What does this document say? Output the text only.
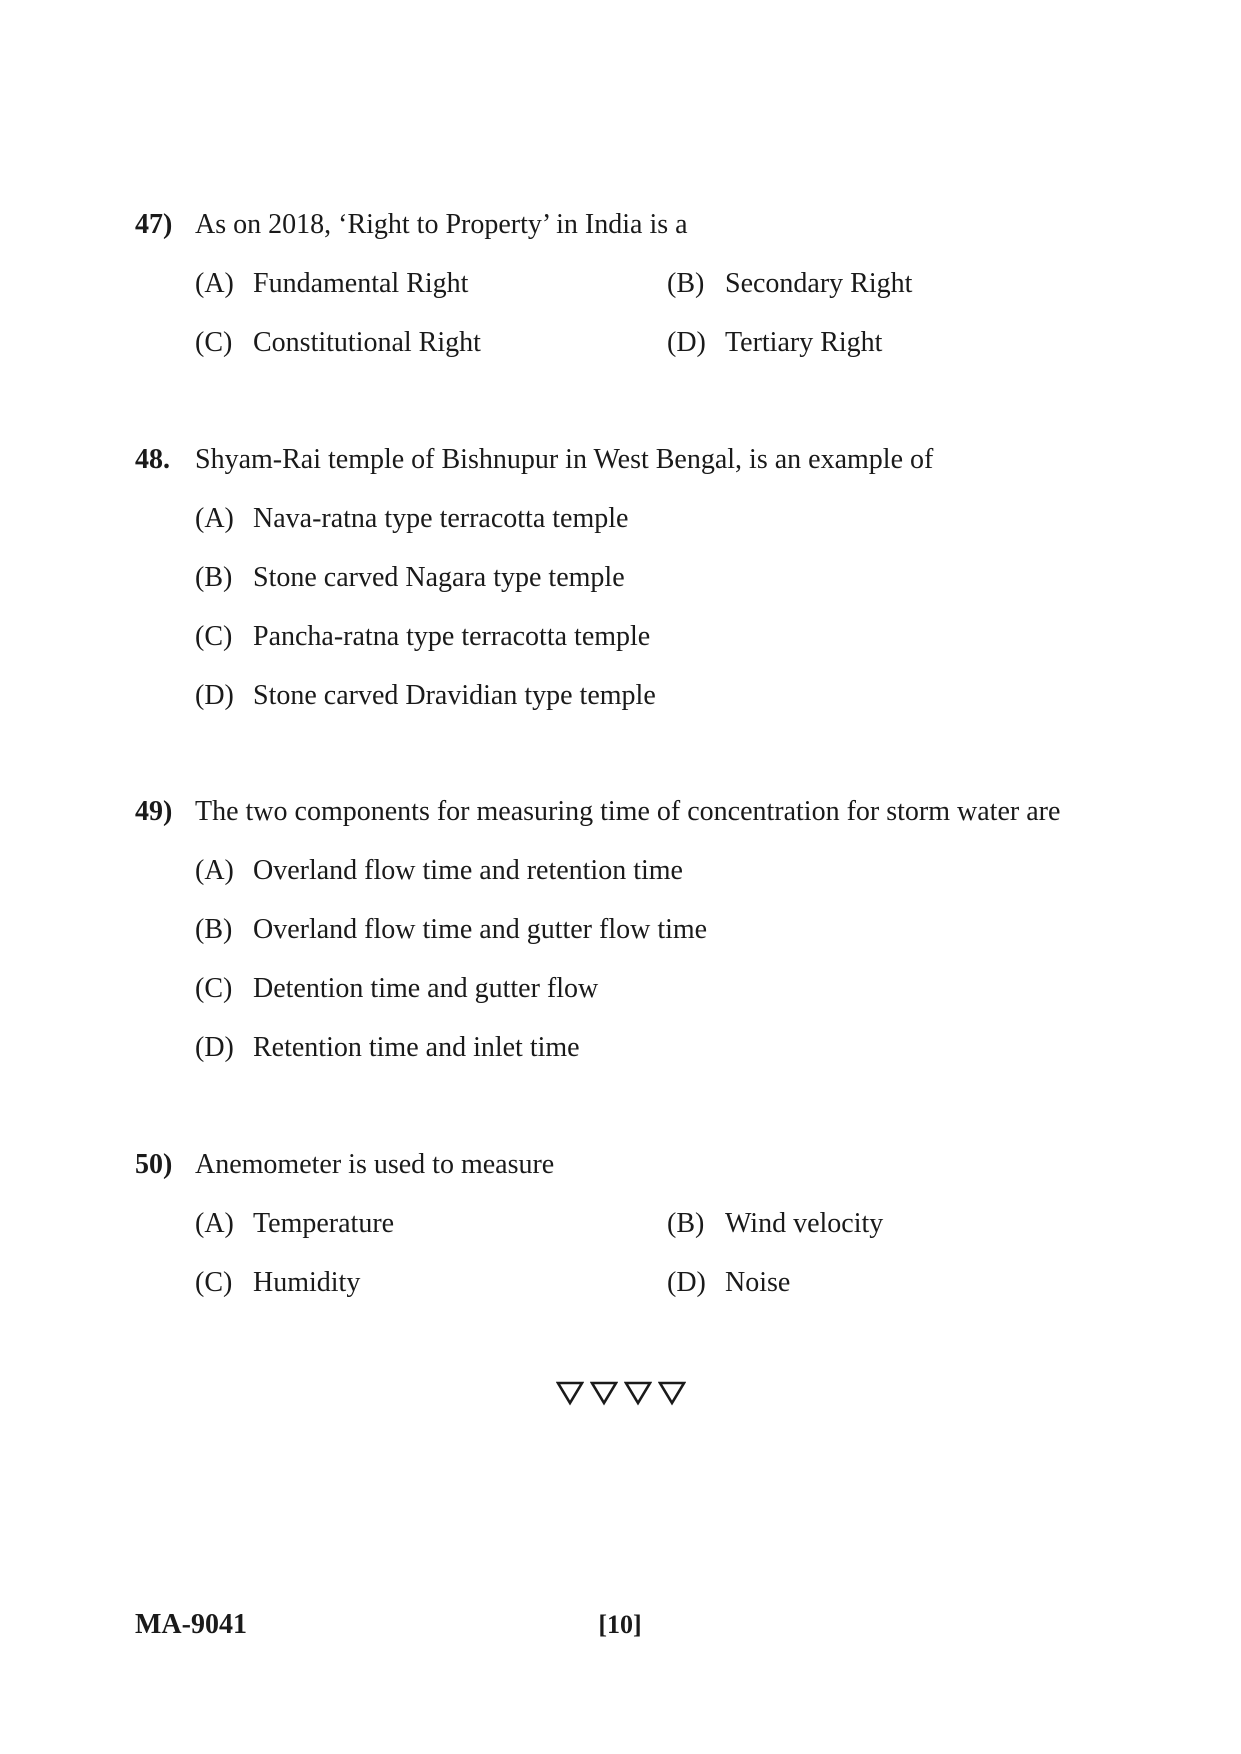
47) As on 2018, ‘Right to Property’ in India is a
(A) Fundamental Right	(B) Secondary Right
(C) Constitutional Right	(D) Tertiary Right
48. Shyam-Rai temple of Bishnupur in West Bengal, is an example of
(A) Nava-ratna type terracotta temple
(B) Stone carved Nagara type temple
(C) Pancha-ratna type terracotta temple
(D) Stone carved Dravidian type temple
49) The two components for measuring time of concentration for storm water are
(A) Overland flow time and retention time
(B) Overland flow time and gutter flow time
(C) Detention time and gutter flow
(D) Retention time and inlet time
50) Anemometer is used to measure
(A) Temperature	(B) Wind velocity
(C) Humidity	(D) Noise
MA-9041	[10]
